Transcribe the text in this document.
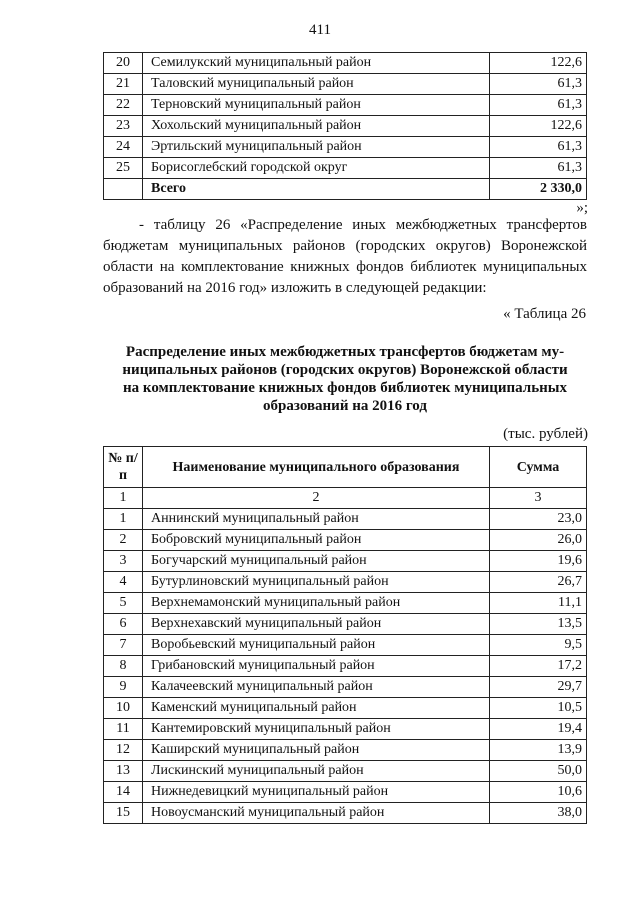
411
20	Семилукский муниципальный район	122,6
21	Таловский муниципальный район	61,3
22	Терновский муниципальный район	61,3
23	Хохольский муниципальный район	122,6
24	Эртильский муниципальный район	61,3
25	Борисоглебский городской округ	61,3
	Всего	2 330,0
»;
- таблицу 26 «Распределение иных межбюджетных трансфертов бюджетам муниципальных районов (городских округов) Воронежской области на комплектование книжных фондов библиотек муниципальных образований на 2016 год» изложить в следующей редакции:
« Таблица 26
Распределение иных межбюджетных трансфертов бюджетам му-
ниципальных районов (городских округов) Воронежской области
на комплектование книжных фондов библиотек муниципальных
образований на 2016 год
(тыс. рублей)
№ п/п	Наименование муниципального образования	Сумма
1	2	3
1	Аннинский муниципальный район	23,0
2	Бобровский муниципальный район	26,0
3	Богучарский муниципальный район	19,6
4	Бутурлиновский муниципальный район	26,7
5	Верхнемамонский муниципальный район	11,1
6	Верхнехавский муниципальный район	13,5
7	Воробьевский муниципальный район	9,5
8	Грибановский муниципальный район	17,2
9	Калачеевский муниципальный район	29,7
10	Каменский муниципальный район	10,5
11	Кантемировский муниципальный район	19,4
12	Каширский муниципальный район	13,9
13	Лискинский муниципальный район	50,0
14	Нижнедевицкий муниципальный район	10,6
15	Новоусманский муниципальный район	38,0
